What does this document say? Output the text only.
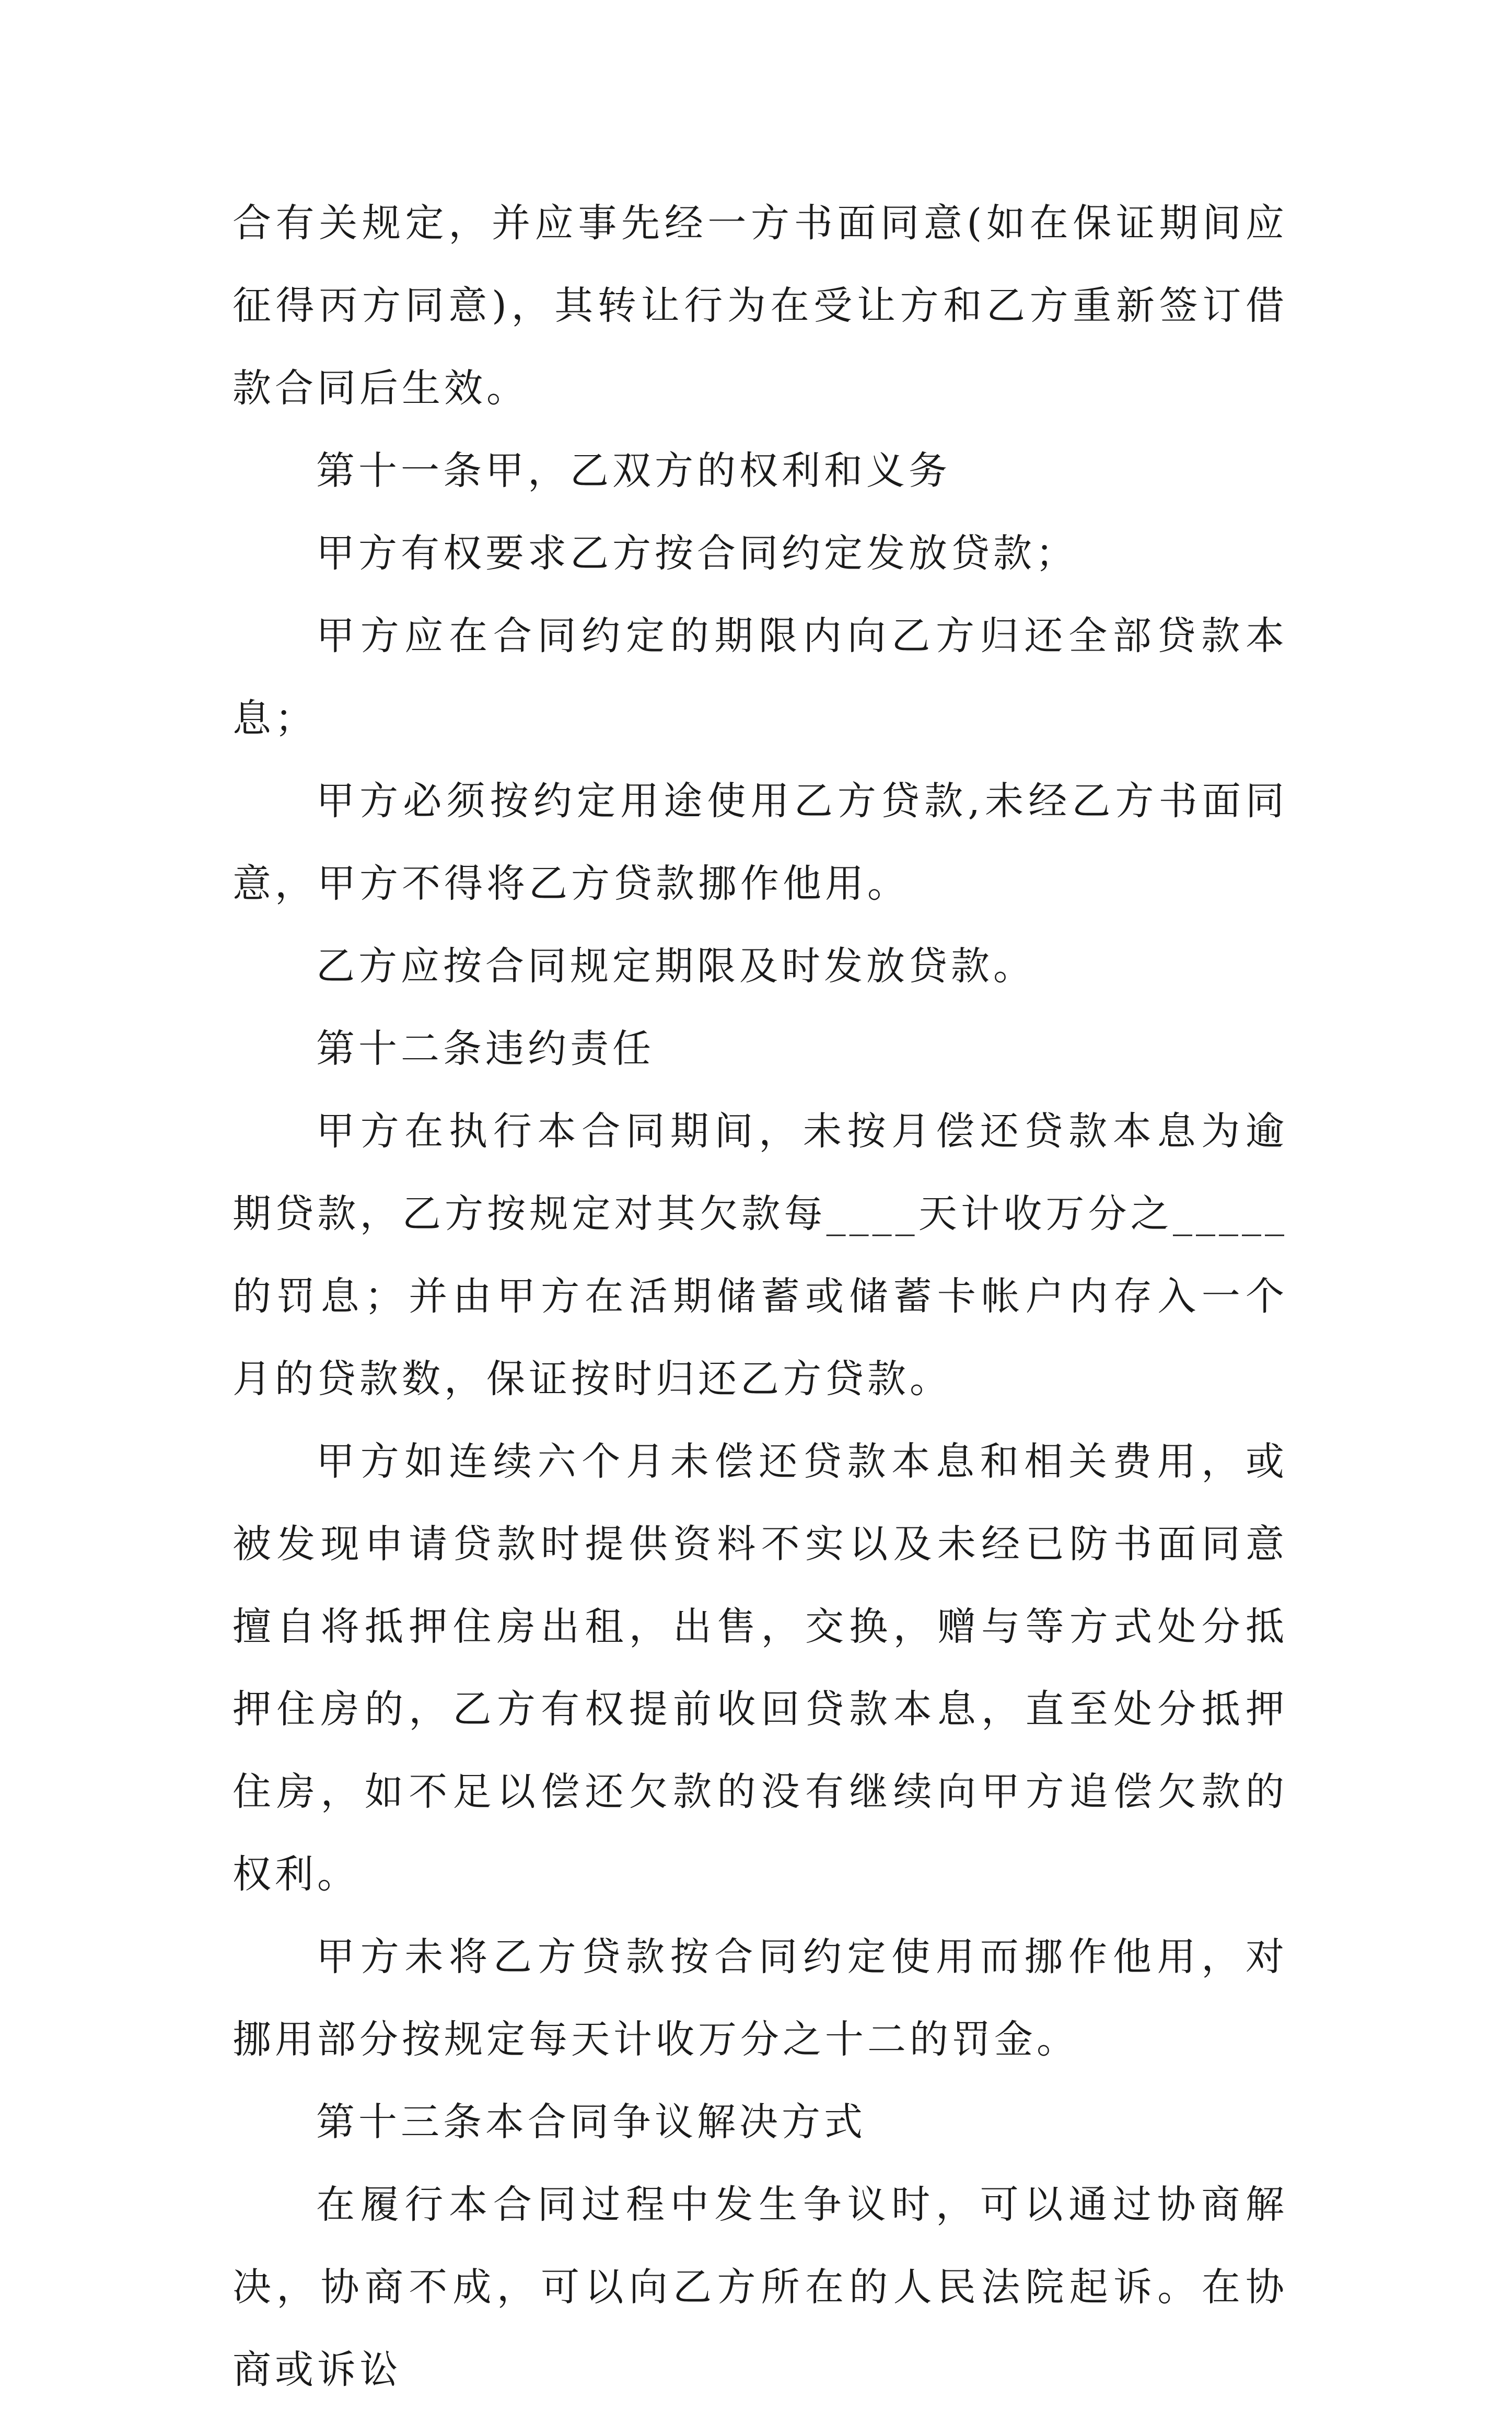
合有关规定，并应事先经一方书面同意(如在保证期间应征得丙方同意)，其转让行为在受让方和乙方重新签订借款合同后生效。

第十一条甲，乙双方的权利和义务

甲方有权要求乙方按合同约定发放贷款；

甲方应在合同约定的期限内向乙方归还全部贷款本息；

甲方必须按约定用途使用乙方贷款,未经乙方书面同意，甲方不得将乙方贷款挪作他用。

乙方应按合同规定期限及时发放贷款。

第十二条违约责任

甲方在执行本合同期间，未按月偿还贷款本息为逾期贷款，乙方按规定对其欠款每____天计收万分之_____的罚息；并由甲方在活期储蓄或储蓄卡帐户内存入一个月的贷款数，保证按时归还乙方贷款。

甲方如连续六个月未偿还贷款本息和相关费用，或被发现申请贷款时提供资料不实以及未经已防书面同意擅自将抵押住房出租，出售，交换，赠与等方式处分抵押住房的，乙方有权提前收回贷款本息，直至处分抵押住房，如不足以偿还欠款的没有继续向甲方追偿欠款的权利。

甲方未将乙方贷款按合同约定使用而挪作他用，对挪用部分按规定每天计收万分之十二的罚金。

第十三条本合同争议解决方式

在履行本合同过程中发生争议时，可以通过协商解决，协商不成，可以向乙方所在的人民法院起诉。在协商或诉讼
